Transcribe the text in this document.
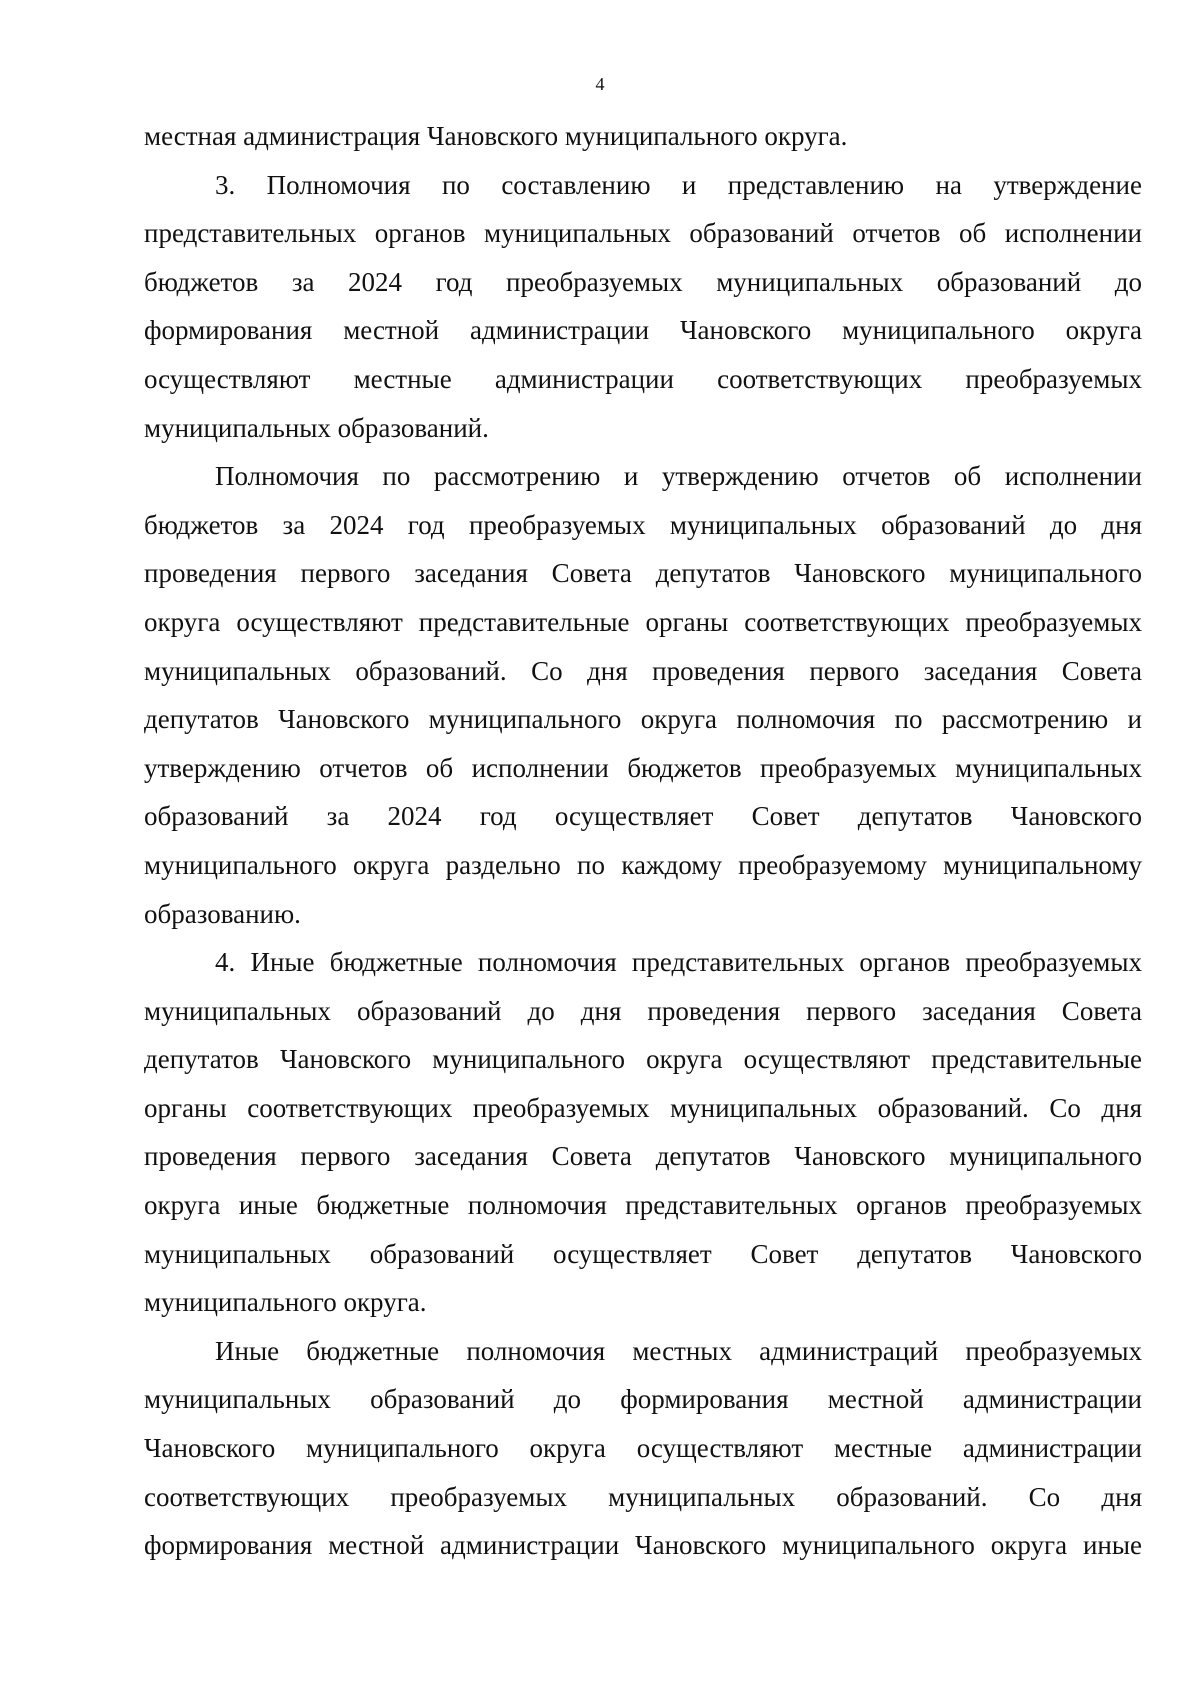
4
местная администрация Чановского муниципального округа.
3. Полномочия по составлению и представлению на утверждение
представительных органов муниципальных образований отчетов об исполнении
бюджетов за 2024 год преобразуемых муниципальных образований до
формирования местной администрации Чановского муниципального округа
осуществляют местные администрации соответствующих преобразуемых
муниципальных образований.
Полномочия по рассмотрению и утверждению отчетов об исполнении
бюджетов за 2024 год преобразуемых муниципальных образований до дня
проведения первого заседания Совета депутатов Чановского муниципального
округа осуществляют представительные органы соответствующих преобразуемых
муниципальных образований. Со дня проведения первого заседания Совета
депутатов Чановского муниципального округа полномочия по рассмотрению и
утверждению отчетов об исполнении бюджетов преобразуемых муниципальных
образований за 2024 год осуществляет Совет депутатов Чановского
муниципального округа раздельно по каждому преобразуемому муниципальному
образованию.
4. Иные бюджетные полномочия представительных органов преобразуемых
муниципальных образований до дня проведения первого заседания Совета
депутатов Чановского муниципального округа осуществляют представительные
органы соответствующих преобразуемых муниципальных образований. Со дня
проведения первого заседания Совета депутатов Чановского муниципального
округа иные бюджетные полномочия представительных органов преобразуемых
муниципальных образований осуществляет Совет депутатов Чановского
муниципального округа.
Иные бюджетные полномочия местных администраций преобразуемых
муниципальных образований до формирования местной администрации
Чановского муниципального округа осуществляют местные администрации
соответствующих преобразуемых муниципальных образований. Со дня
формирования местной администрации Чановского муниципального округа иные
